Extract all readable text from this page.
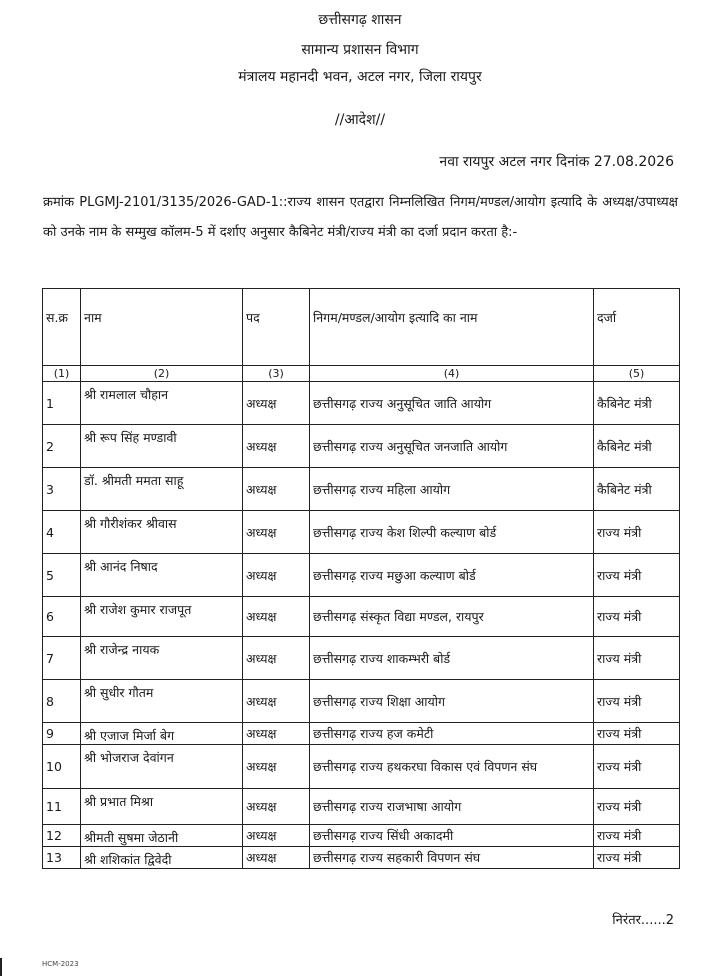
छत्तीसगढ़ शासन
सामान्य प्रशासन विभाग
मंत्रालय महानदी भवन, अटल नगर, जिला रायपुर
//आदेश//
नवा रायपुर अटल नगर दिनांक 27.08.2026
क्रमांक PLGMJ-2101/3135/2026-GAD-1::राज्य शासन एतद्वारा निम्नलिखित निगम/मण्डल/आयोग इत्यादि के अध्यक्ष/उपाध्यक्ष को उनके नाम के सम्मुख कॉलम-5 में दर्शाए अनुसार कैबिनेट मंत्री/राज्य मंत्री का दर्जा प्रदान करता है:-
स.क्र	नाम	पद	निगम/मण्डल/आयोग इत्यादि का नाम	दर्जा
(1)	(2)	(3)	(4)	(5)
1	श्री रामलाल चौहान	अध्यक्ष	छत्तीसगढ़ राज्य अनुसूचित जाति आयोग	कैबिनेट मंत्री
2	श्री रूप सिंह मण्डावी	अध्यक्ष	छत्तीसगढ़ राज्य अनुसूचित जनजाति आयोग	कैबिनेट मंत्री
3	डॉ. श्रीमती ममता साहू	अध्यक्ष	छत्तीसगढ़ राज्य महिला आयोग	कैबिनेट मंत्री
4	श्री गौरीशंकर श्रीवास	अध्यक्ष	छत्तीसगढ़ राज्य केश शिल्पी कल्याण बोर्ड	राज्य मंत्री
5	श्री आनंद निषाद	अध्यक्ष	छत्तीसगढ़ राज्य मछुआ कल्याण बोर्ड	राज्य मंत्री
6	श्री राजेश कुमार राजपूत	अध्यक्ष	छत्तीसगढ़ संस्कृत विद्या मण्डल, रायपुर	राज्य मंत्री
7	श्री राजेन्द्र नायक	अध्यक्ष	छत्तीसगढ़ राज्य शाकम्भरी बोर्ड	राज्य मंत्री
8	श्री सुधीर गौतम	अध्यक्ष	छत्तीसगढ़ राज्य शिक्षा आयोग	राज्य मंत्री
9	श्री एजाज मिर्जा बेग	अध्यक्ष	छत्तीसगढ़ राज्य हज कमेटी	राज्य मंत्री
10	श्री भोजराज देवांगन	अध्यक्ष	छत्तीसगढ़ राज्य हथकरघा विकास एवं विपणन संघ	राज्य मंत्री
11	श्री प्रभात मिश्रा	अध्यक्ष	छत्तीसगढ़ राज्य राजभाषा आयोग	राज्य मंत्री
12	श्रीमती सुषमा जेठानी	अध्यक्ष	छत्तीसगढ़ राज्य सिंधी अकादमी	राज्य मंत्री
13	श्री शशिकांत द्विवेदी	अध्यक्ष	छत्तीसगढ़ राज्य सहकारी विपणन संघ	राज्य मंत्री
निरंतर......2
HCM-2023
